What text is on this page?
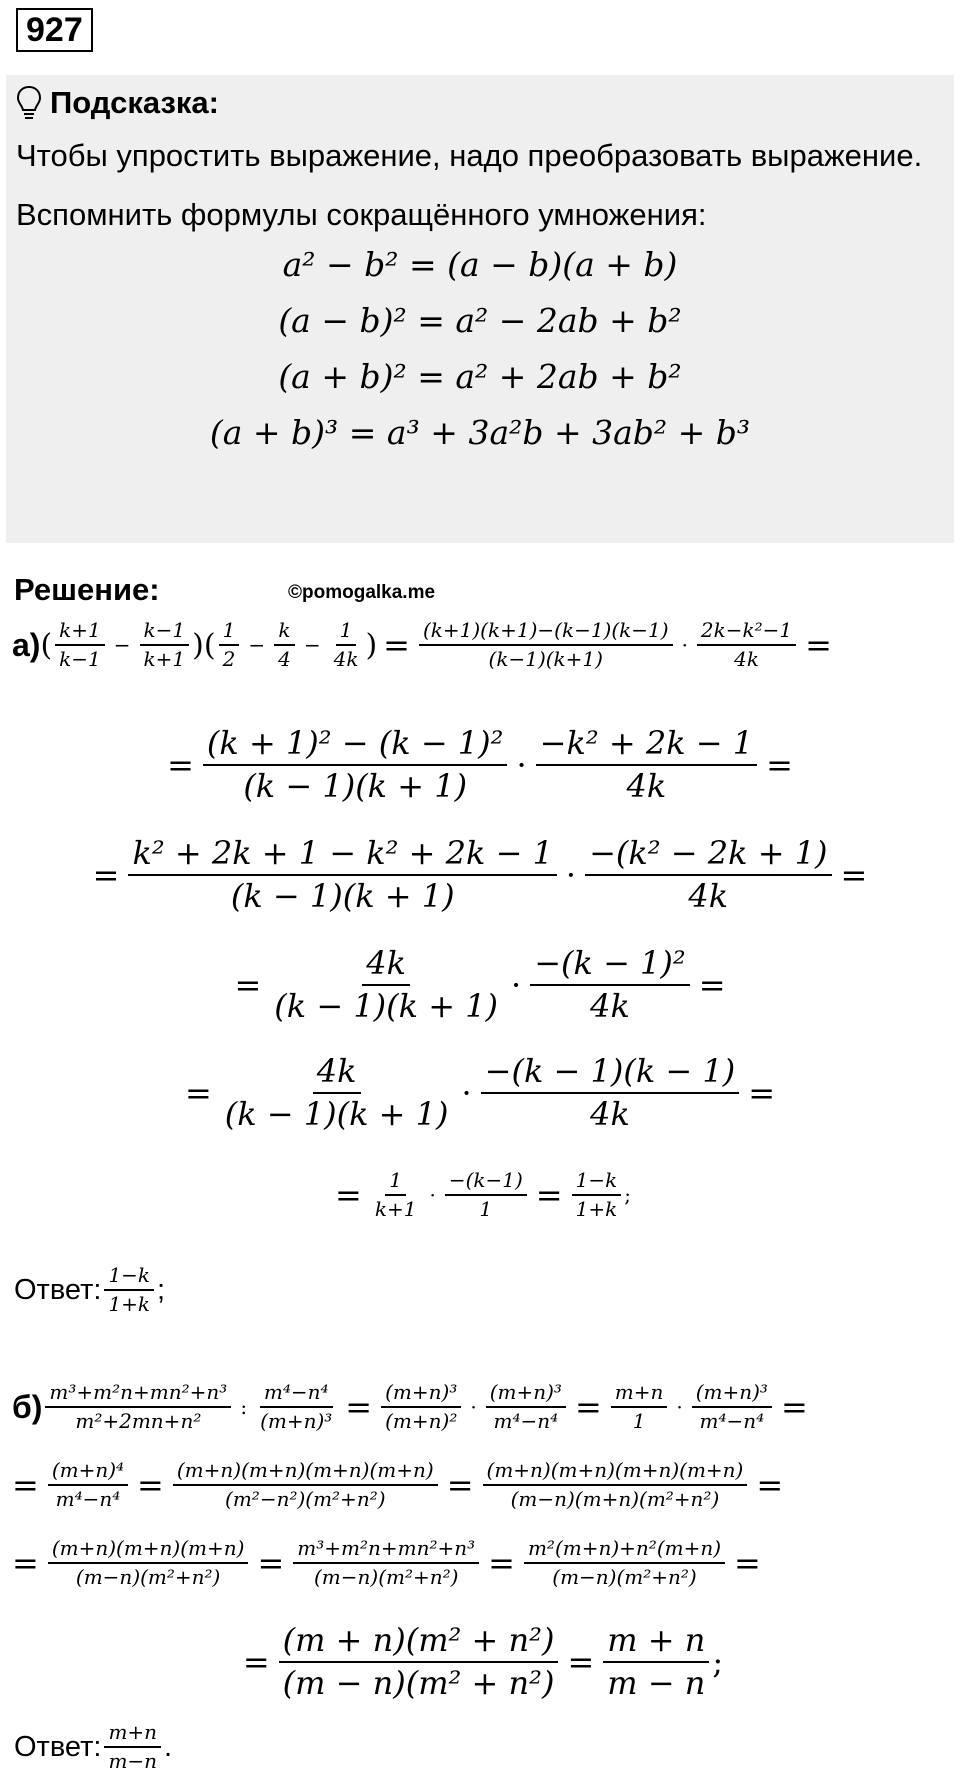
927
Подсказка:

Чтобы упростить выражение, надо преобразовать выражение.

Вспомнить формулы сокращённого умножения:

a² − b² = (a − b)(a + b)
(a − b)² = a² − 2ab + b²
(a + b)² = a² + 2ab + b²
(a + b)³ = a³ + 3a²b + 3ab² + b³
Решение:	©pomogalka.me
а) ( $\frac{k+1}{k-1} - \frac{k-1}{k+1}$ ) ( $\frac{1}{2} - \frac{k}{4} - \frac{1}{4k}$ ) = $\frac{(k+1)(k+1)-(k-1)(k-1)}{(k-1)(k+1)} \cdot \frac{\text{2k−k²−1}}{4k}$ =
= $\frac{\text{(k + 1)² − (k − 1)²}}{(k - 1)(k + 1)} \cdot \frac{\text{−k² + 2k − 1}}{4k}$ =
= $\frac{\text{k² + 2k + 1 − k² + 2k − 1}}{(k - 1)(k + 1)} \cdot \frac{\text{−(k² − 2k + 1)}}{4k}$ =
= $\frac{4k}{(k - 1)(k + 1)} \cdot \frac{\text{−(k − 1)²}}{4k}$ =
= $\frac{4k}{(k - 1)(k + 1)} \cdot \frac{-(k - 1)(k - 1)}{4k}$ =
= $\frac{1}{k+1} \cdot \frac{-(k-1)}{1} = \frac{1-k}{1+k}$ ;
Ответ: $\frac{1-k}{1+k}$ ;
$б) \frac{\text{m³+m²n+mn²+n³}}{\text{m²+2mn+n²}}$ : $\frac{\text{m⁴−n⁴}}{\text{(m+n)³}} = \frac{\text{(m+n)³}}{\text{(m+n)²}} \cdot \frac{\text{(m+n)³}}{\text{m⁴−n⁴}} = \frac{m+n}{1} \cdot \frac{\text{(m+n)³}}{\text{m⁴−n⁴}}$ =
= $\frac{\text{(m+n)⁴}}{\text{m⁴−n⁴}} = \frac{(m+n)(m+n)(m+n)(m+n)}{\text{(m²−n²)(m²+n²)}} = \frac{(m+n)(m+n)(m+n)(m+n)}{\text{(m−n)(m+n)(m²+n²)}}$ =
= $\frac{(m+n)(m+n)(m+n)}{\text{(m−n)(m²+n²)}} = \frac{\text{m³+m²n+mn²+n³}}{\text{(m−n)(m²+n²)}} = \frac{\text{m²(m+n)+n²(m+n)}}{\text{(m−n)(m²+n²)}}$ =
= $\frac{\text{(m + n)(m² + n²)}}{\text{(m − n)(m² + n²)}} = \frac{m + n}{m - n}$ ;
Ответ: $\frac{m+n}{m-n}$ .
